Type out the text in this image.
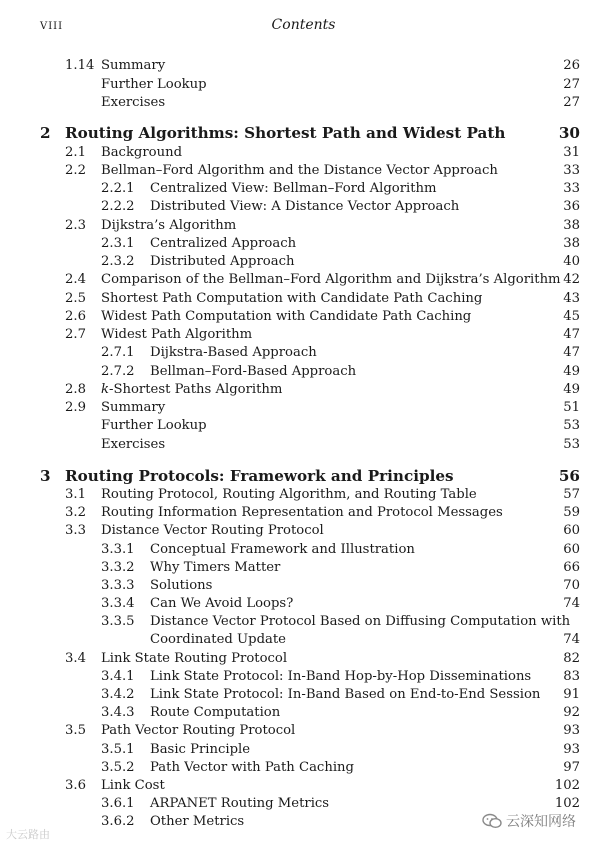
viii	Contents
1.14 Summary	26
Further Lookup	27
Exercises	27
2 Routing Algorithms: Shortest Path and Widest Path	30
2.1 Background	31
2.2 Bellman–Ford Algorithm and the Distance Vector Approach	33
2.2.1 Centralized View: Bellman–Ford Algorithm	33
2.2.2 Distributed View: A Distance Vector Approach	36
2.3 Dijkstra’s Algorithm	38
2.3.1 Centralized Approach	38
2.3.2 Distributed Approach	40
2.4 Comparison of the Bellman–Ford Algorithm and Dijkstra’s Algorithm 42
2.5 Shortest Path Computation with Candidate Path Caching	43
2.6 Widest Path Computation with Candidate Path Caching	45
2.7 Widest Path Algorithm	47
2.7.1 Dijkstra-Based Approach	47
2.7.2 Bellman–Ford-Based Approach	49
2.8 k-Shortest Paths Algorithm	49
2.9 Summary	51
Further Lookup	53
Exercises	53
3 Routing Protocols: Framework and Principles	56
3.1 Routing Protocol, Routing Algorithm, and Routing Table	57
3.2 Routing Information Representation and Protocol Messages	59
3.3 Distance Vector Routing Protocol	60
3.3.1 Conceptual Framework and Illustration	60
3.3.2 Why Timers Matter	66
3.3.3 Solutions	70
3.3.4 Can We Avoid Loops?	74
3.3.5 Distance Vector Protocol Based on Diffusing Computation with
Coordinated Update	74
3.4 Link State Routing Protocol	82
3.4.1 Link State Protocol: In-Band Hop-by-Hop Disseminations 83
3.4.2 Link State Protocol: In-Band Based on End-to-End Session 91
3.4.3 Route Computation	92
3.5 Path Vector Routing Protocol	93
3.5.1 Basic Principle	93
3.5.2 Path Vector with Path Caching	97
3.6 Link Cost	102
3.6.1 ARPANET Routing Metrics	102
3.6.2 Other Metrics
大云路由
云深知网络
